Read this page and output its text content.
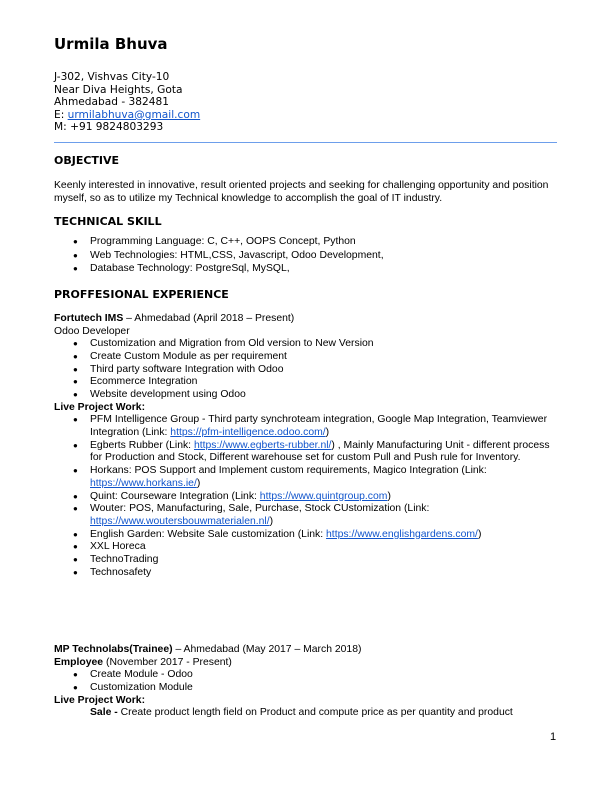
Urmila Bhuva
J-302, Vishvas City-10
Near Diva Heights, Gota
Ahmedabad - 382481
E: urmilabhuva@gmail.com
M: +91 9824803293
OBJECTIVE
Keenly interested in innovative, result oriented projects and seeking for challenging opportunity and position myself, so as to utilize my Technical knowledge to accomplish the goal of IT industry.
TECHNICAL SKILL
● Programming Language: C, C++, OOPS Concept, Python
● Web Technologies: HTML,CSS, Javascript, Odoo Development,
● Database Technology: PostgreSql, MySQL,
PROFFESIONAL EXPERIENCE
Fortutech IMS – Ahmedabad (April 2018 – Present)
Odoo Developer
● Customization and Migration from Old version to New Version
● Create Custom Module as per requirement
● Third party software Integration with Odoo
● Ecommerce Integration
● Website development using Odoo
Live Project Work:
● PFM Intelligence Group - Third party synchroteam integration, Google Map Integration, Teamviewer Integration (Link: https://pfm-intelligence.odoo.com/)
● Egberts Rubber (Link: https://www.egberts-rubber.nl/) , Mainly Manufacturing Unit - different process for Production and Stock, Different warehouse set for custom Pull and Push rule for Inventory.
● Horkans: POS Support and Implement custom requirements, Magico Integration (Link: https://www.horkans.ie/)
● Quint: Courseware Integration (Link: https://www.quintgroup.com)
● Wouter: POS, Manufacturing, Sale, Purchase, Stock CUstomization (Link: https://www.woutersbouwmaterialen.nl/)
● English Garden: Website Sale customization (Link: https://www.englishgardens.com/)
● XXL Horeca
● TechnoTrading
● Technosafety
MP Technolabs(Trainee) – Ahmedabad (May 2017 – March 2018)
Employee (November 2017 - Present)
● Create Module - Odoo
● Customization Module
Live Project Work:
Sale - Create product length field on Product and compute price as per quantity and product
1
